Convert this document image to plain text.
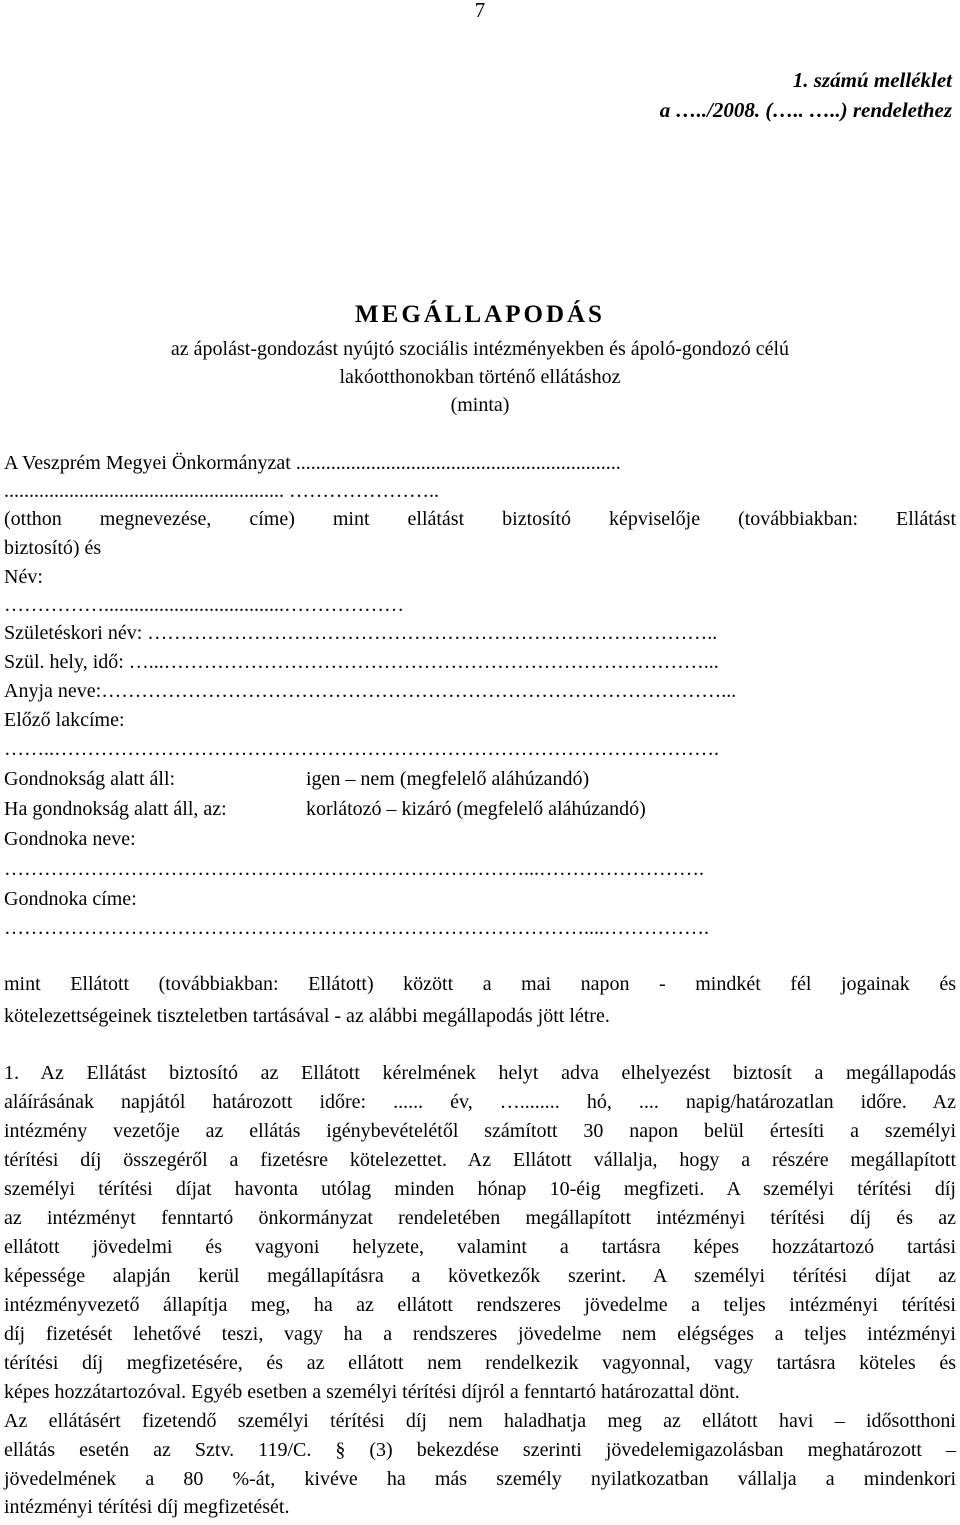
7
1. számú melléklet
a …../2008. (….. …..) rendelethez
MEGÁLLAPODÁS
az ápolást-gondozást nyújtó szociális intézményekben és ápoló-gondozó célú
lakóotthonokban történő ellátáshoz
(minta)
A Veszprém Megyei Önkormányzat .................................................................
........................................................ …………………..
(otthon megnevezése, címe) mint ellátást biztosító képviselője (továbbiakban: Ellátást
biztosító) és
Név:
……………....................................………………
Születéskori név: …………………………………………………………………………..
Szül. hely, idő: …...………………………………………………………………………...
Anyja neve:…………………………………………………………………………………...
Előző lakcíme:
……..……………………………………………………………………………………….
Gondnokság alatt áll:	igen – nem (megfelelő aláhúzandó)
Ha gondnokság alatt áll, az:	korlátozó – kizáró (megfelelő aláhúzandó)
Gondnoka neve:
……………………………………………………………………...…………………….
Gondnoka címe:
……………………………………………………………………………....…………….
mint Ellátott (továbbiakban: Ellátott) között a mai napon - mindkét fél jogainak és
kötelezettségeinek tiszteletben tartásával - az alábbi megállapodás jött létre.
1. Az Ellátást biztosító az Ellátott kérelmének helyt adva elhelyezést biztosít a megállapodás
aláírásának napjától határozott időre: ...... év, …........ hó, .... napig/határozatlan időre. Az
intézmény vezetője az ellátás igénybevételétől számított 30 napon belül értesíti a személyi
térítési díj összegéről a fizetésre kötelezettet. Az Ellátott vállalja, hogy a részére megállapított
személyi térítési díjat havonta utólag minden hónap 10-éig megfizeti. A személyi térítési díj
az intézményt fenntartó önkormányzat rendeletében megállapított intézményi térítési díj és az
ellátott jövedelmi és vagyoni helyzete, valamint a tartásra képes hozzátartozó tartási
képessége alapján kerül megállapításra a következők szerint. A személyi térítési díjat az
intézményvezető állapítja meg, ha az ellátott rendszeres jövedelme a teljes intézményi térítési
díj fizetését lehetővé teszi, vagy ha a rendszeres jövedelme nem elégséges a teljes intézményi
térítési díj megfizetésére, és az ellátott nem rendelkezik vagyonnal, vagy tartásra köteles és
képes hozzátartozóval. Egyéb esetben a személyi térítési díjról a fenntartó határozattal dönt.
Az ellátásért fizetendő személyi térítési díj nem haladhatja meg az ellátott havi – idősotthoni
ellátás esetén az Sztv. 119/C. § (3) bekezdése szerinti jövedelemigazolásban meghatározott –
jövedelmének a 80 %-át, kivéve ha más személy nyilatkozatban vállalja a mindenkori
intézményi térítési díj megfizetését.
